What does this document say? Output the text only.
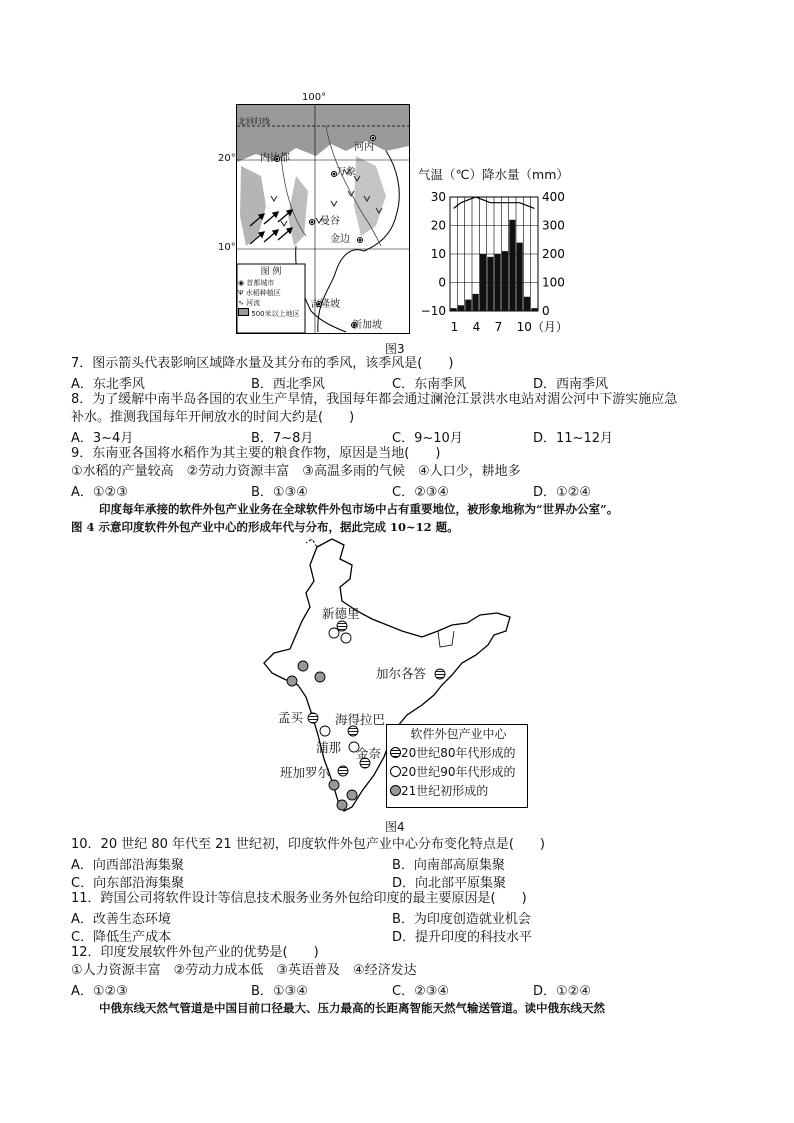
100°
20°
10°
北回归线
河内
内比都
万象
曼谷
金边
吉隆坡
新加坡
图 例
◉ 首都城市
Ψ 水稻种植区
∿ 河流
500米以上地区
气温（℃）降水量（mm）
30
20
10
0
−10
400
300
200
100
0
1 4 7 10（月）
图3
7．图示箭头代表影响区域降水量及其分布的季风，该季风是(　　)
A．东北季风	B．西北季风	C．东南季风	D．西南季风
8．为了缓解中南半岛各国的农业生产旱情，我国每年都会通过澜沧江景洪水电站对湄公河中下游实施应急
补水。推测我国每年开闸放水的时间大约是(　　)
A．3~4月	B．7~8月	C．9~10月	D．11~12月
9．东南亚各国将水稻作为其主要的粮食作物，原因是当地(　　)
①水稻的产量较高　②劳动力资源丰富　③高温多雨的气候　④人口少，耕地多
A．①②③	B．①③④	C．②③④	D．①②④
印度每年承接的软件外包产业业务在全球软件外包市场中占有重要地位，被形象地称为“世界办公室”。
图 4 示意印度软件外包产业中心的形成年代与分布，据此完成 10~12 题。
新德里
加尔各答
孟买	海得拉巴
浦那 金奈
班加罗尔
软件外包产业中心
20世纪80年代形成的
20世纪90年代形成的
21世纪初形成的
图4
10．20 世纪 80 年代至 21 世纪初，印度软件外包产业中心分布变化特点是(　　)
A．向西部沿海集聚	B．向南部高原集聚
C．向东部沿海集聚	D．向北部平原集聚
11．跨国公司将软件设计等信息技术服务业务外包给印度的最主要原因是(　　)
A．改善生态环境	B．为印度创造就业机会
C．降低生产成本	D．提升印度的科技水平
12．印度发展软件外包产业的优势是(　　)
①人力资源丰富　②劳动力成本低　③英语普及　④经济发达
A．①②③	B．①③④	C．②③④	D．①②④
中俄东线天然气管道是中国目前口径最大、压力最高的长距离智能天然气输送管道。读中俄东线天然
